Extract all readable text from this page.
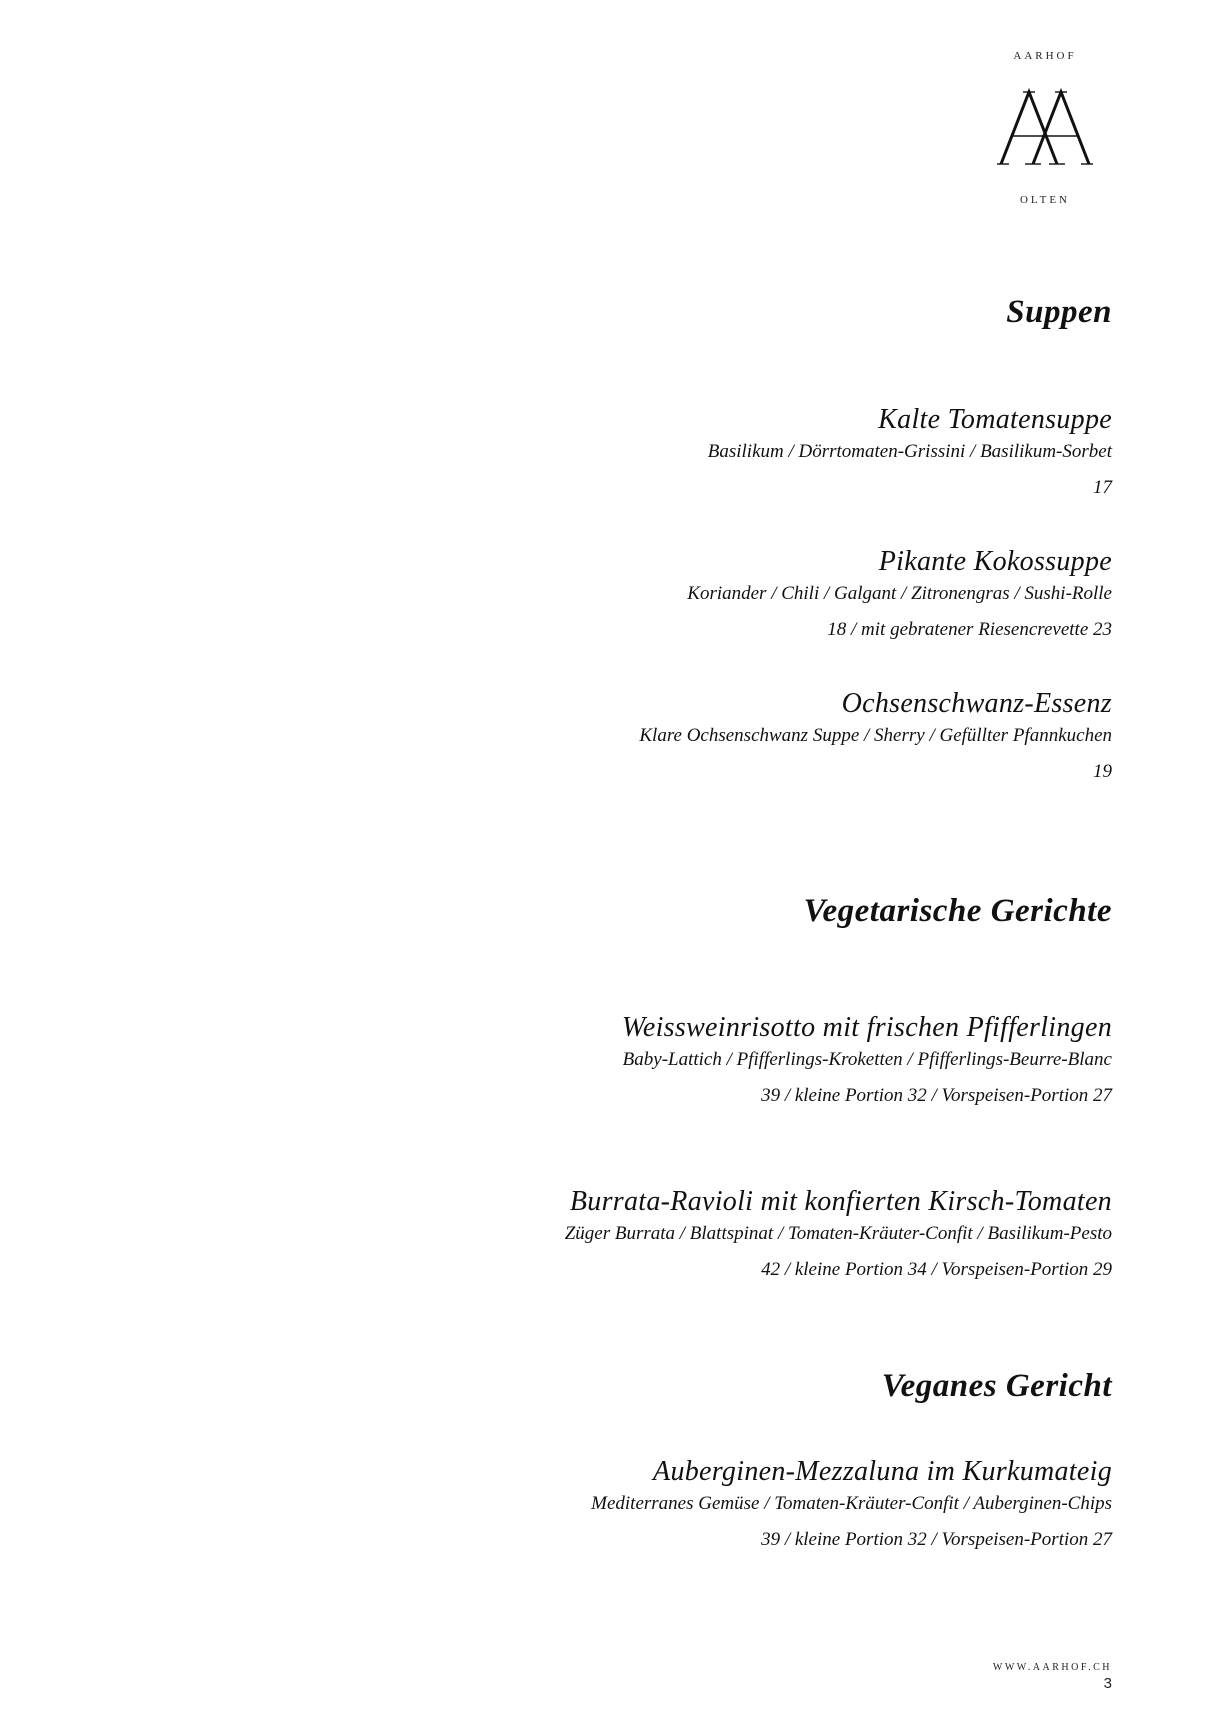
AARHOF
OLTEN
Suppen
Kalte Tomatensuppe
Basilikum / Dörrtomaten-Grissini / Basilikum-Sorbet
17
Pikante Kokossuppe
Koriander / Chili / Galgant / Zitronengras / Sushi-Rolle
18 / mit gebratener Riesencrevette 23
Ochsenschwanz-Essenz
Klare Ochsenschwanz Suppe / Sherry / Gefüllter Pfannkuchen
19
Vegetarische Gerichte
Weissweinrisotto mit frischen Pfifferlingen
Baby-Lattich / Pfifferlings-Kroketten / Pfifferlings-Beurre-Blanc
39 / kleine Portion 32 / Vorspeisen-Portion 27
Burrata-Ravioli mit konfierten Kirsch-Tomaten
Züger Burrata / Blattspinat / Tomaten-Kräuter-Confit / Basilikum-Pesto
42 / kleine Portion 34 / Vorspeisen-Portion 29
Veganes Gericht
Auberginen-Mezzaluna im Kurkumateig
Mediterranes Gemüse / Tomaten-Kräuter-Confit / Auberginen-Chips
39 / kleine Portion 32 / Vorspeisen-Portion 27
WWW.AARHOF.CH
3
